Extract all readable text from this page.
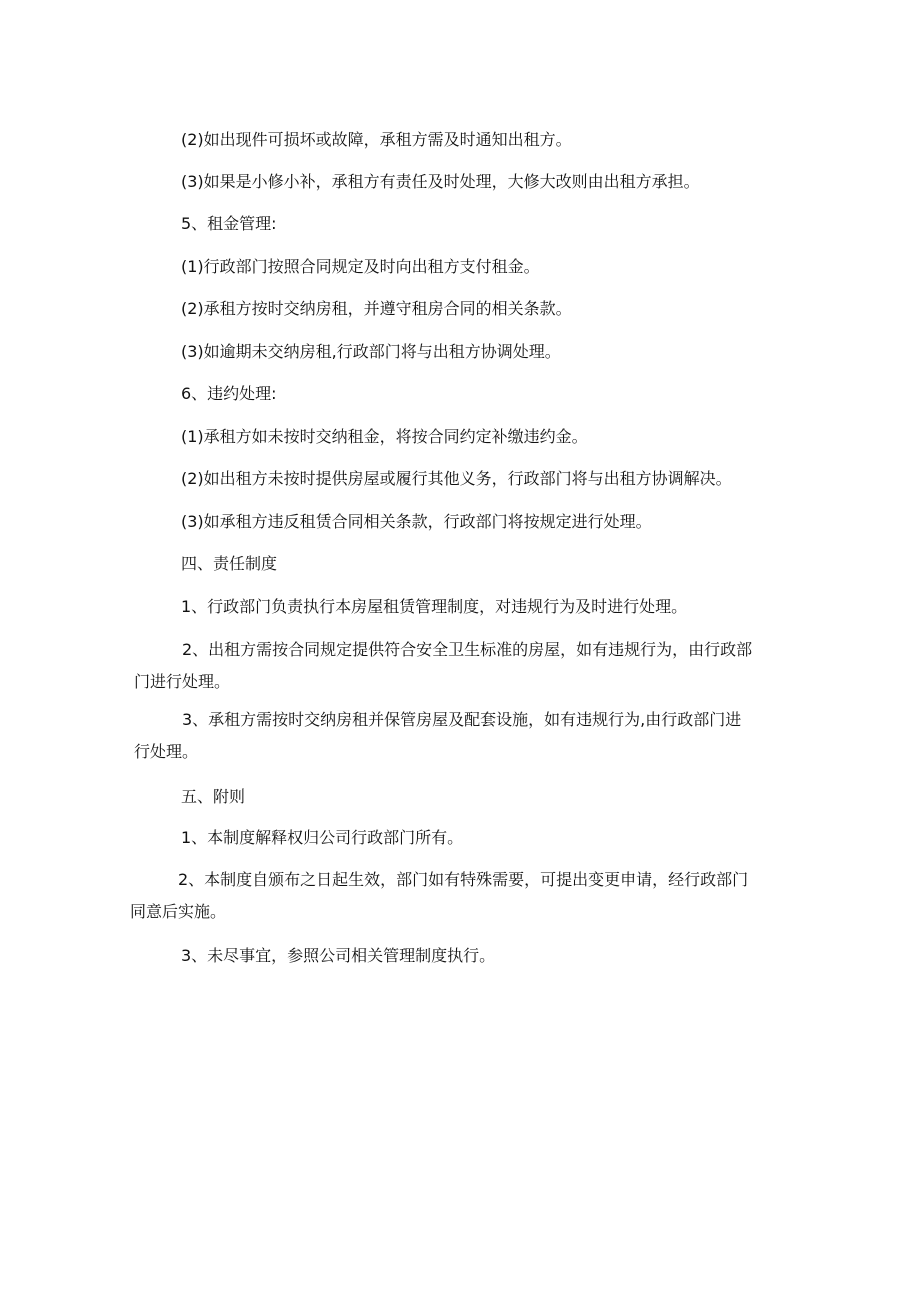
(2)如出现件可损坏或故障，承租方需及时通知出租方。
(3)如果是小修小补，承租方有责任及时处理，大修大改则由出租方承担。
5、租金管理:
(1)行政部门按照合同规定及时向出租方支付租金。
(2)承租方按时交纳房租，并遵守租房合同的相关条款。
(3)如逾期未交纳房租,行政部门将与出租方协调处理。
6、违约处理:
(1)承租方如未按时交纳租金，将按合同约定补缴违约金。
(2)如出租方未按时提供房屋或履行其他义务，行政部门将与出租方协调解决。
(3)如承租方违反租赁合同相关条款，行政部门将按规定进行处理。
四、责任制度
1、行政部门负责执行本房屋租赁管理制度，对违规行为及时进行处理。
2、出租方需按合同规定提供符合安全卫生标准的房屋，如有违规行为，由行政部门进行处理。
3、承租方需按时交纳房租并保管房屋及配套设施，如有违规行为,由行政部门进行处理。
五、附则
1、本制度解释权归公司行政部门所有。
2、本制度自颁布之日起生效，部门如有特殊需要，可提出变更申请，经行政部门同意后实施。
3、未尽事宜，参照公司相关管理制度执行。
